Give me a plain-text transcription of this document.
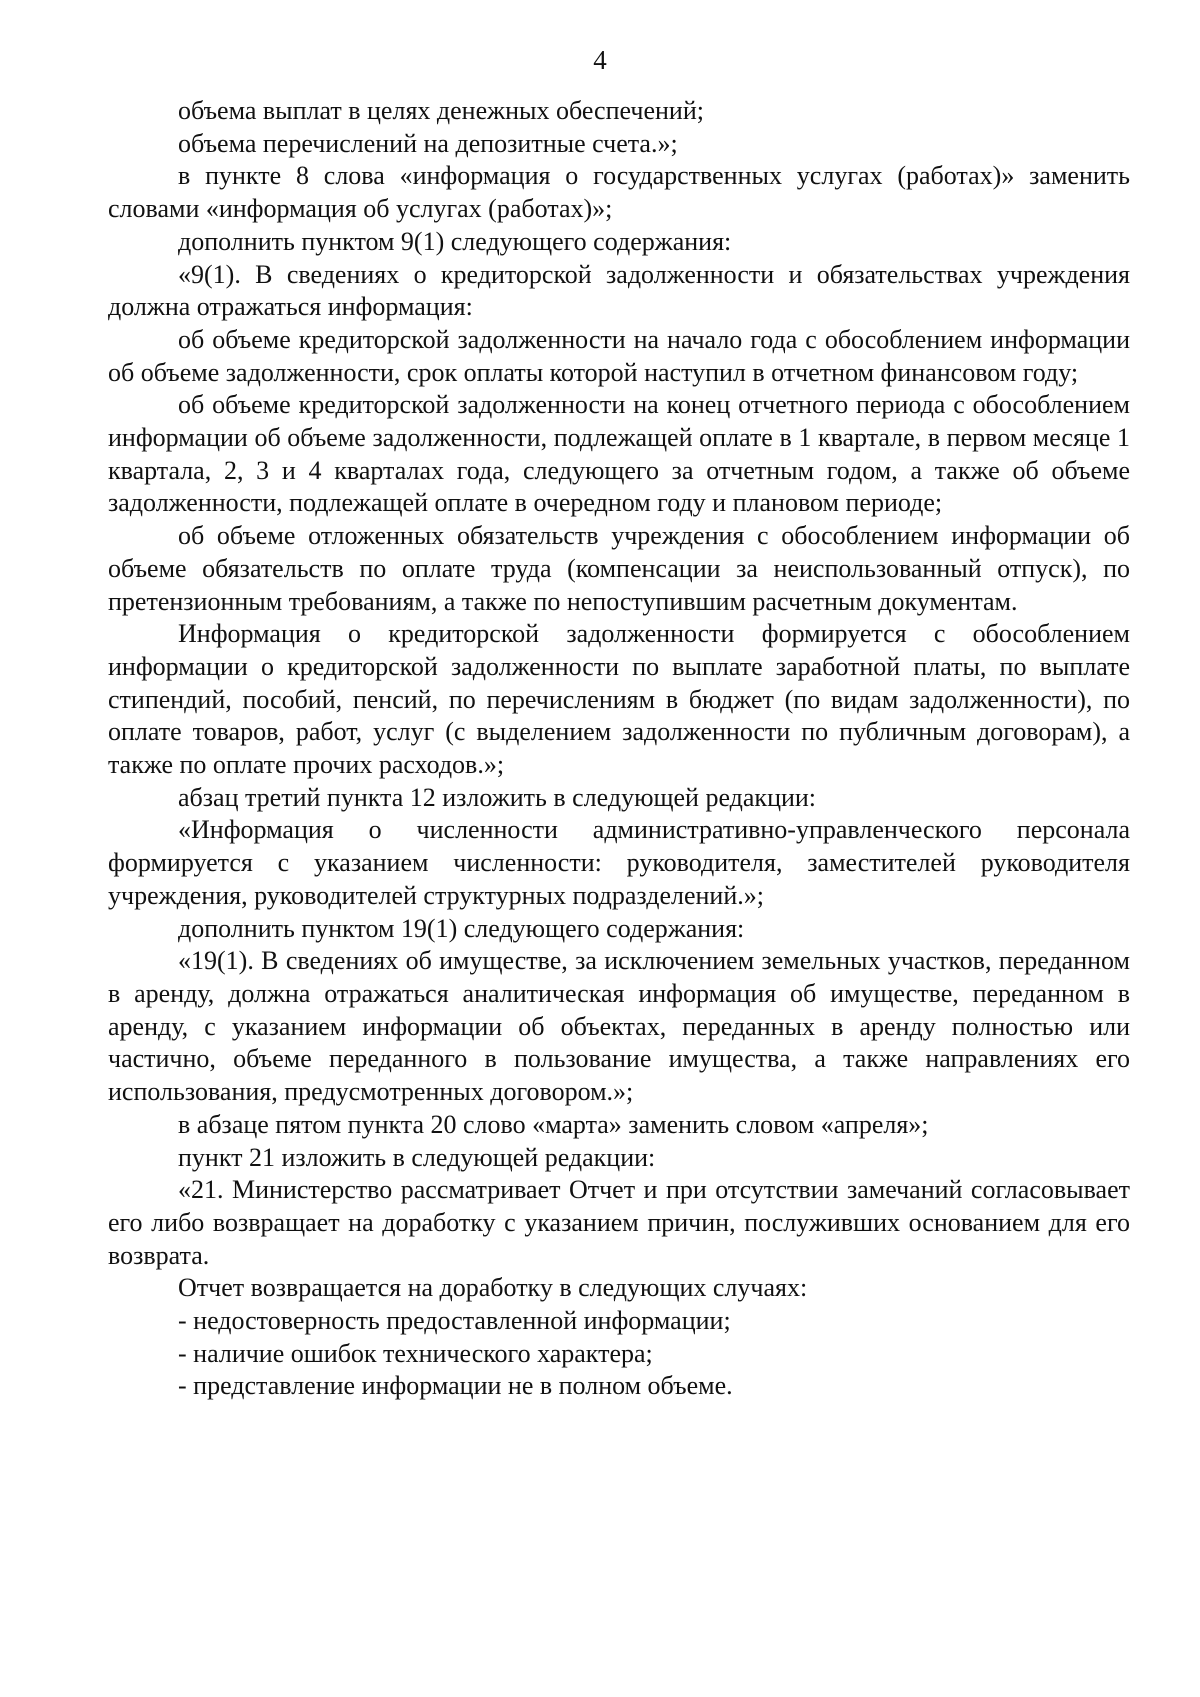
4

объема выплат в целях денежных обеспечений;

объема перечислений на депозитные счета.»;

в пункте 8 слова «информация о государственных услугах (работах)» заменить словами «информация об услугах (работах)»;

дополнить пунктом 9(1) следующего содержания:

«9(1). В сведениях о кредиторской задолженности и обязательствах учреждения должна отражаться информация:

об объеме кредиторской задолженности на начало года с обособлением информации об объеме задолженности, срок оплаты которой наступил в отчетном финансовом году;

об объеме кредиторской задолженности на конец отчетного периода с обособлением информации об объеме задолженности, подлежащей оплате в 1 квартале, в первом месяце 1 квартала, 2, 3 и 4 кварталах года, следующего за отчетным годом, а также об объеме задолженности, подлежащей оплате в очередном году и плановом периоде;

об объеме отложенных обязательств учреждения с обособлением информации об объеме обязательств по оплате труда (компенсации за неиспользованный отпуск), по претензионным требованиям, а также по непоступившим расчетным документам.

Информация о кредиторской задолженности формируется с обособлением информации о кредиторской задолженности по выплате заработной платы, по выплате стипендий, пособий, пенсий, по перечислениям в бюджет (по видам задолженности), по оплате товаров, работ, услуг (с выделением задолженности по публичным договорам), а также по оплате прочих расходов.»;

абзац третий пункта 12 изложить в следующей редакции:

«Информация о численности административно-управленческого персонала формируется с указанием численности: руководителя, заместителей руководителя учреждения, руководителей структурных подразделений.»;

дополнить пунктом 19(1) следующего содержания:

«19(1). В сведениях об имуществе, за исключением земельных участков, переданном в аренду, должна отражаться аналитическая информация об имуществе, переданном в аренду, с указанием информации об объектах, переданных в аренду полностью или частично, объеме переданного в пользование имущества, а также направлениях его использования, предусмотренных договором.»;

в абзаце пятом пункта 20 слово «марта» заменить словом «апреля»;

пункт 21 изложить в следующей редакции:

«21. Министерство рассматривает Отчет и при отсутствии замечаний согласовывает его либо возвращает на доработку с указанием причин, послуживших основанием для его возврата.

Отчет возвращается на доработку в следующих случаях:

- недостоверность предоставленной информации;

- наличие ошибок технического характера;

- представление информации не в полном объеме.
